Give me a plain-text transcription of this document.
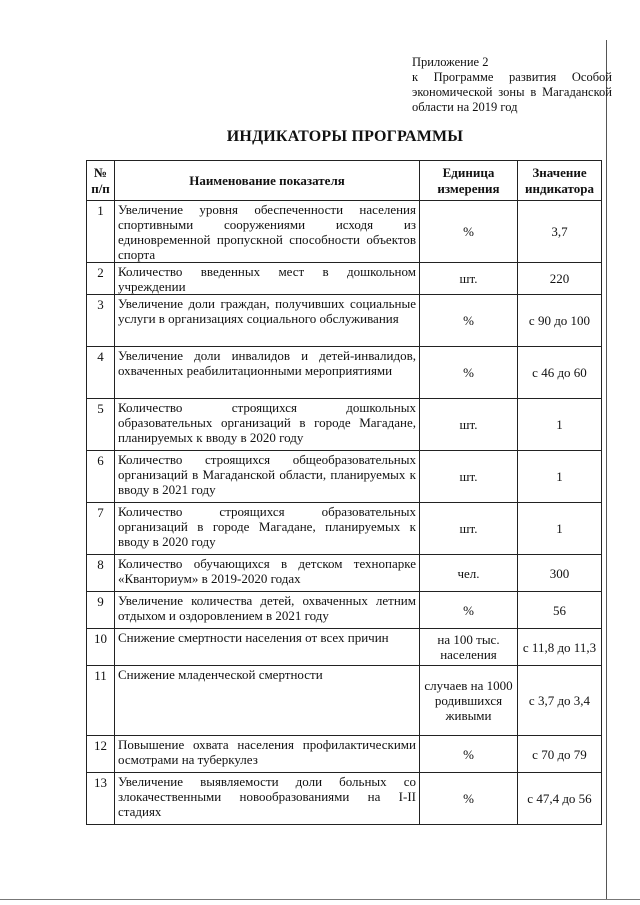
Приложение 2
к Программе развития Особой
экономической зоны в Магаданской
области на 2019 год
ИНДИКАТОРЫ ПРОГРАММЫ
№ п/п	Наименование показателя	Единица измерения	Значение индикатора
1	Увеличение уровня обеспеченности населения спортивными сооружениями исходя из единовременной пропускной способности объектов спорта	%	3,7
2	Количество введенных мест в дошкольном учреждении	шт.	220
3	Увеличение доли граждан, получивших социальные услуги в организациях социального обслуживания	%	с 90 до 100
4	Увеличение доли инвалидов и детей-инвалидов, охваченных реабилитационными мероприятиями	%	с 46 до 60
5	Количество строящихся дошкольных образовательных организаций в городе Магадане, планируемых к вводу в 2020 году	шт.	1
6	Количество строящихся общеобразовательных организаций в Магаданской области, планируемых к вводу в 2021 году	шт.	1
7	Количество строящихся образовательных организаций в городе Магадане, планируемых к вводу в 2020 году	шт.	1
8	Количество обучающихся в детском технопарке «Кванториум» в 2019-2020 годах	чел.	300
9	Увеличение количества детей, охваченных летним отдыхом и оздоровлением в 2021 году	%	56
10	Снижение смертности населения от всех причин	на 100 тыс. населения	с 11,8 до 11,3
11	Снижение младенческой смертности	случаев на 1000 родившихся живыми	с 3,7 до 3,4
12	Повышение охвата населения профилактическими осмотрами на туберкулез	%	с 70 до 79
13	Увеличение выявляемости доли больных со злокачественными новообразованиями на I-II стадиях	%	с 47,4 до 56
